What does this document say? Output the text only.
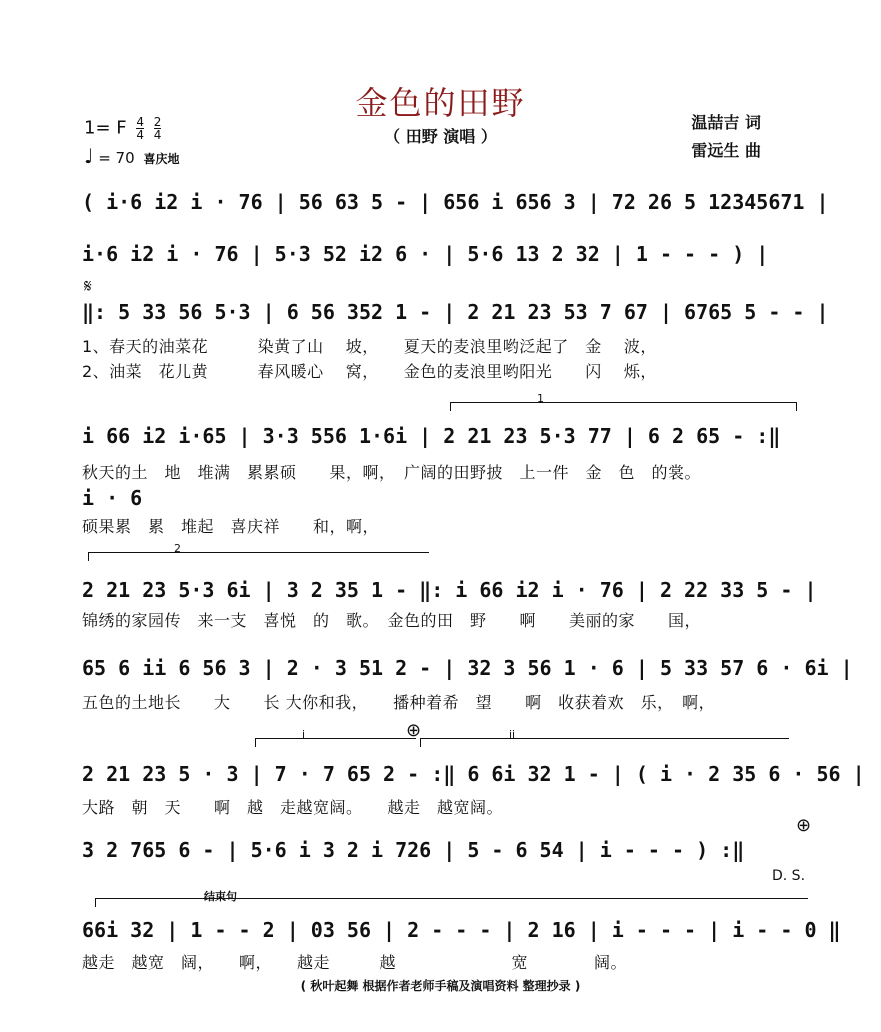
金色的田野
（ 田野 演唱 ）
1= F $\frac{4}{4}$
$\frac{2}{4}$
♩ = 70 喜庆地
温喆吉 词
雷远生 曲
( i·6 i2 i · 76 | 56 63 5 - | 656 i 656 3 | 72 26 5 12345671 |
i·6 i2 i · 76 | 5·3 52 i2 6 · | 5·6 13 2 32 | 1 - - - ) |
𝄋
‖: 5 33 56 5·3 | 6 56 352 1 - | 2 21 23 53 7 67 | 6765 5 - - |
1、春天的油菜花　　　染黄了山　 坡，　　夏天的麦浪里哟泛起了　金　 波，
2、油菜　花儿黄　　　春风暖心　 窝，　　金色的麦浪里哟阳光　　闪　 烁，
1
i 66 i2 i·65 | 3·3 556 1·6i | 2 21 23 5·3 77 | 6 2 65 - :‖
秋天的土　地　堆满　累累硕　　果，啊，　广阔的田野披　上一件　金　色　的裳。
i · 6
硕果累　累　堆起　喜庆祥　　和，啊，
2
2 21 23 5·3 6i | 3 2 35 1 - ‖: i 66 i2 i · 76 | 2 22 33 5 - |
锦绣的家园传　来一支　喜悦　的　歌。　金色的田　野　　啊　　美丽的家　　国，
65 6 ii 6 56 3 | 2 · 3 51 2 - | 32 3 56 1 · 6 | 5 33 57 6 · 6i |
五色的土地长　　大　　长 大你和我，　　播种着希　望　　啊　收获着欢　乐，　啊，
i	⊕	ii
2 21 23 5 · 3 | 7 · 7 65 2 - :‖ 6 6i 32 1 - | ( i · 2 35 6 · 56 |
大路　朝　天　　啊　越　走越宽阔。　　越走　越宽阔。
⊕
3 2 765 6 - | 5·6 i 3 2 i 726 | 5 - 6 54 | i - - - ) :‖
D. S.
结束句
66i 32 | 1 - - 2 | 03 56 | 2 - - - | 2 16 | i - - - | i - - 0 ‖
越走　越宽　阔，　　啊，　　越走　　　越　　　　　　　宽　　　　阔。
( 秋叶起舞 根据作者老师手稿及演唱资料 整理抄录 )
